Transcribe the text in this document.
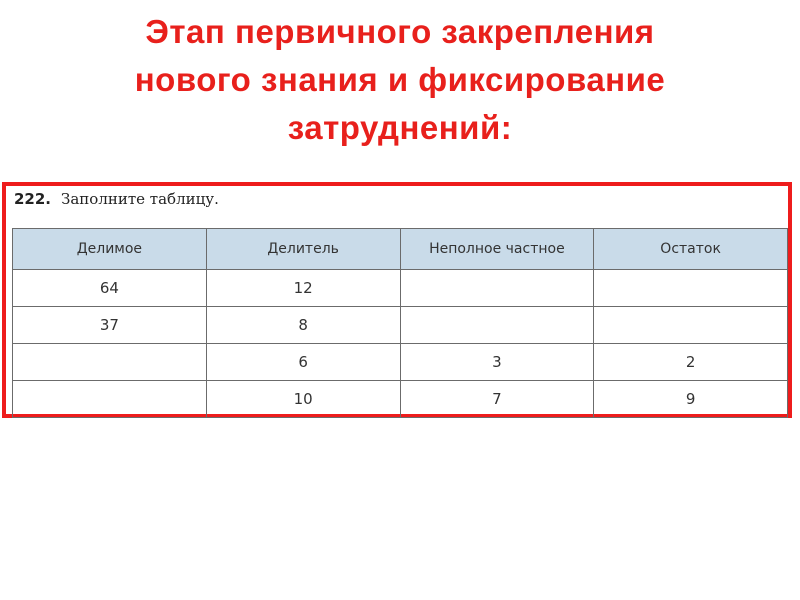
Этап первичного закрепления
нового знания и фиксирование
затруднений:
222. Заполните таблицу.
Делимое	Делитель	Неполное частное	Остаток
64	12		
37	8		
	6	3	2
	10	7	9
